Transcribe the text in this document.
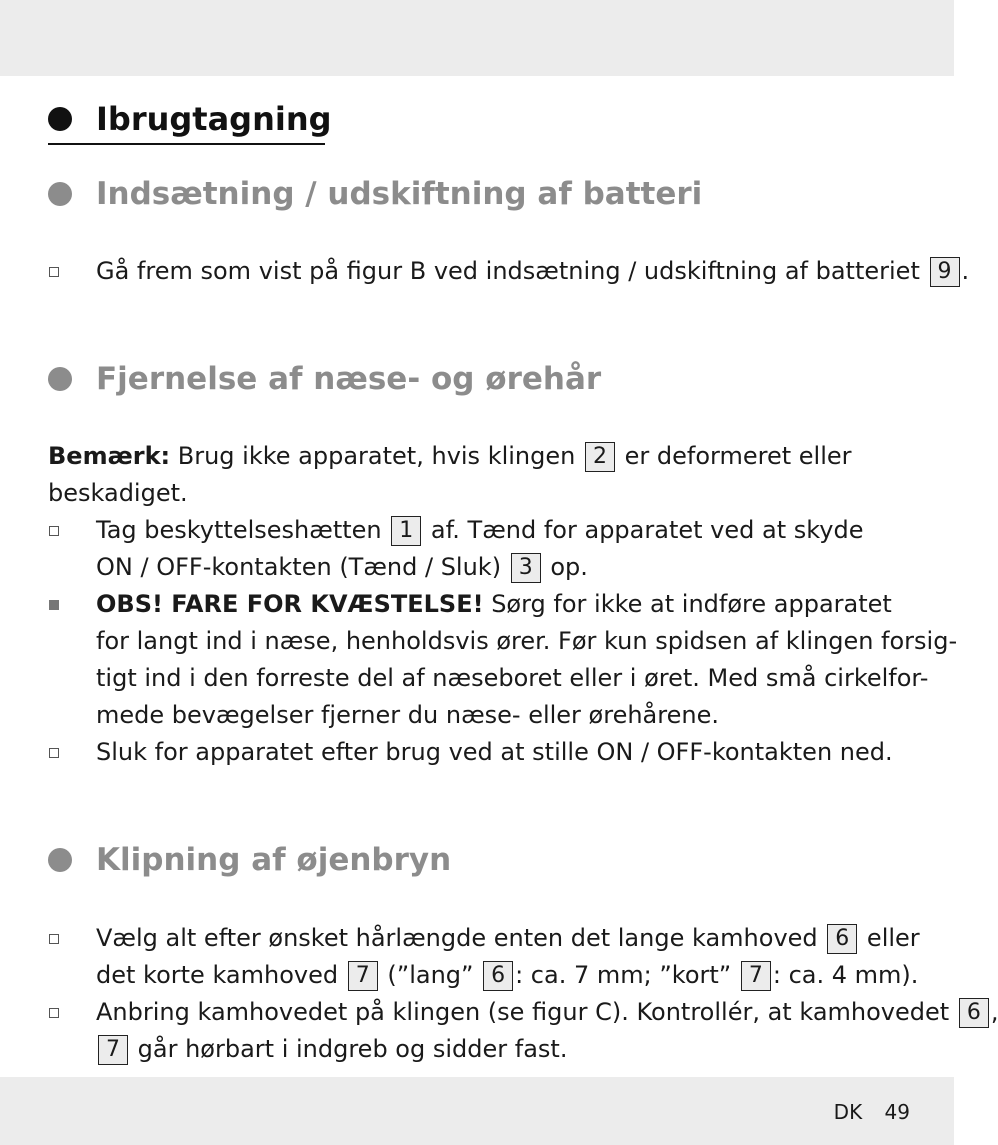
Ibrugtagning
Indsætning / udskiftning af batteri
Gå frem som vist på figur B ved indsætning / udskiftning af batteriet 9 .
Fjernelse af næse- og ørehår
Bemærk: Brug ikke apparatet, hvis klingen 2 er deformeret eller
beskadiget.
Tag beskyttelseshætten 1 af. Tænd for apparatet ved at skyde
ON / OFF-kontakten (Tænd / Sluk) 3 op.
OBS! FARE FOR KVÆSTELSE! Sørg for ikke at indføre apparatet
for langt ind i næse, henholdsvis ører. Før kun spidsen af klingen forsig-
tigt ind i den forreste del af næseboret eller i øret. Med små cirkelfor-
mede bevægelser fjerner du næse- eller ørehårene.
Sluk for apparatet efter brug ved at stille ON / OFF-kontakten ned.
Klipning af øjenbryn
Vælg alt efter ønsket hårlængde enten det lange kamhoved 6 eller
det korte kamhoved 7 (”lang” 6 : ca. 7 mm; ”kort” 7 : ca. 4 mm).
Anbring kamhovedet på klingen (se figur C). Kontrollér, at kamhovedet 6 ,
7 går hørbart i indgreb og sidder fast.
DK 49
